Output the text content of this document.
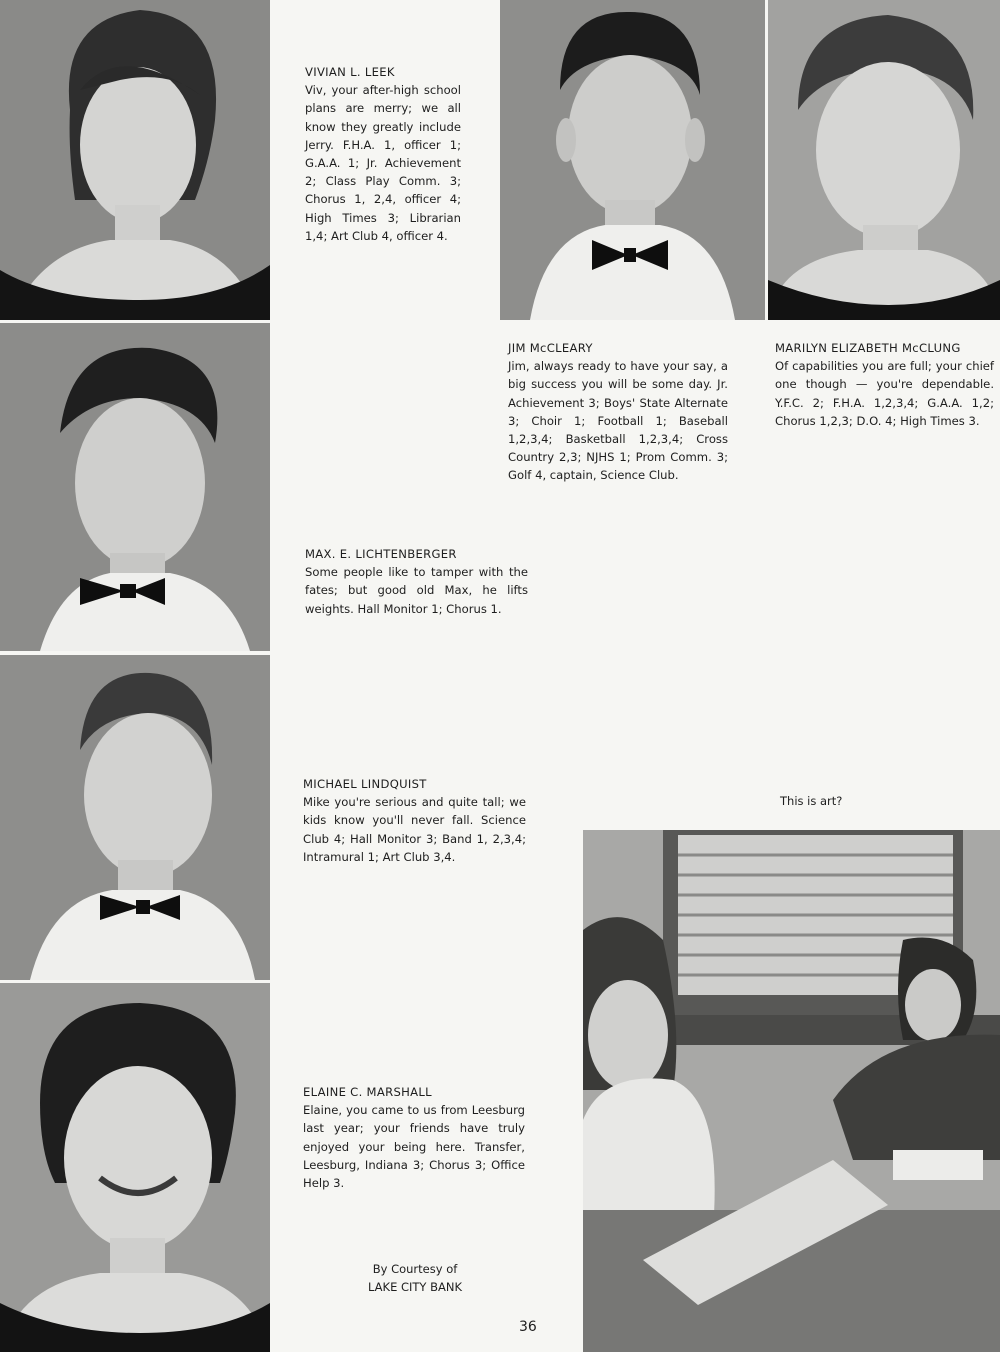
VIVIAN L. LEEK
Viv, your after-high school plans are merry; we all know they greatly include Jerry. F.H.A. 1, officer 1; G.A.A. 1; Jr. Achievement 2; Class Play Comm. 3; Chorus 1, 2,4, officer 4; High Times 3; Librarian 1,4; Art Club 4, officer 4.
JIM McCLEARY
Jim, always ready to have your say, a big success you will be some day. Jr. Achievement 3; Boys' State Alternate 3; Choir 1; Football 1; Baseball 1,2,3,4; Basketball 1,2,3,4; Cross Country 2,3; NJHS 1; Prom Comm. 3; Golf 4, captain, Science Club.
MARILYN ELIZABETH McCLUNG
Of capabilities you are full; your chief one though — you're dependable. Y.F.C. 2; F.H.A. 1,2,3,4; G.A.A. 1,2; Chorus 1,2,3; D.O. 4; High Times 3.
MAX. E. LICHTENBERGER
Some people like to tamper with the fates; but good old Max, he lifts weights. Hall Monitor 1; Chorus 1.
MICHAEL LINDQUIST
Mike you're serious and quite tall; we kids know you'll never fall. Science Club 4; Hall Monitor 3; Band 1, 2,3,4; Intramural 1; Art Club 3,4.
ELAINE C. MARSHALL
Elaine, you came to us from Leesburg last year; your friends have truly enjoyed your being here. Transfer, Leesburg, Indiana 3; Chorus 3; Office Help 3.
This is art?
By Courtesy of
LAKE CITY BANK
36
